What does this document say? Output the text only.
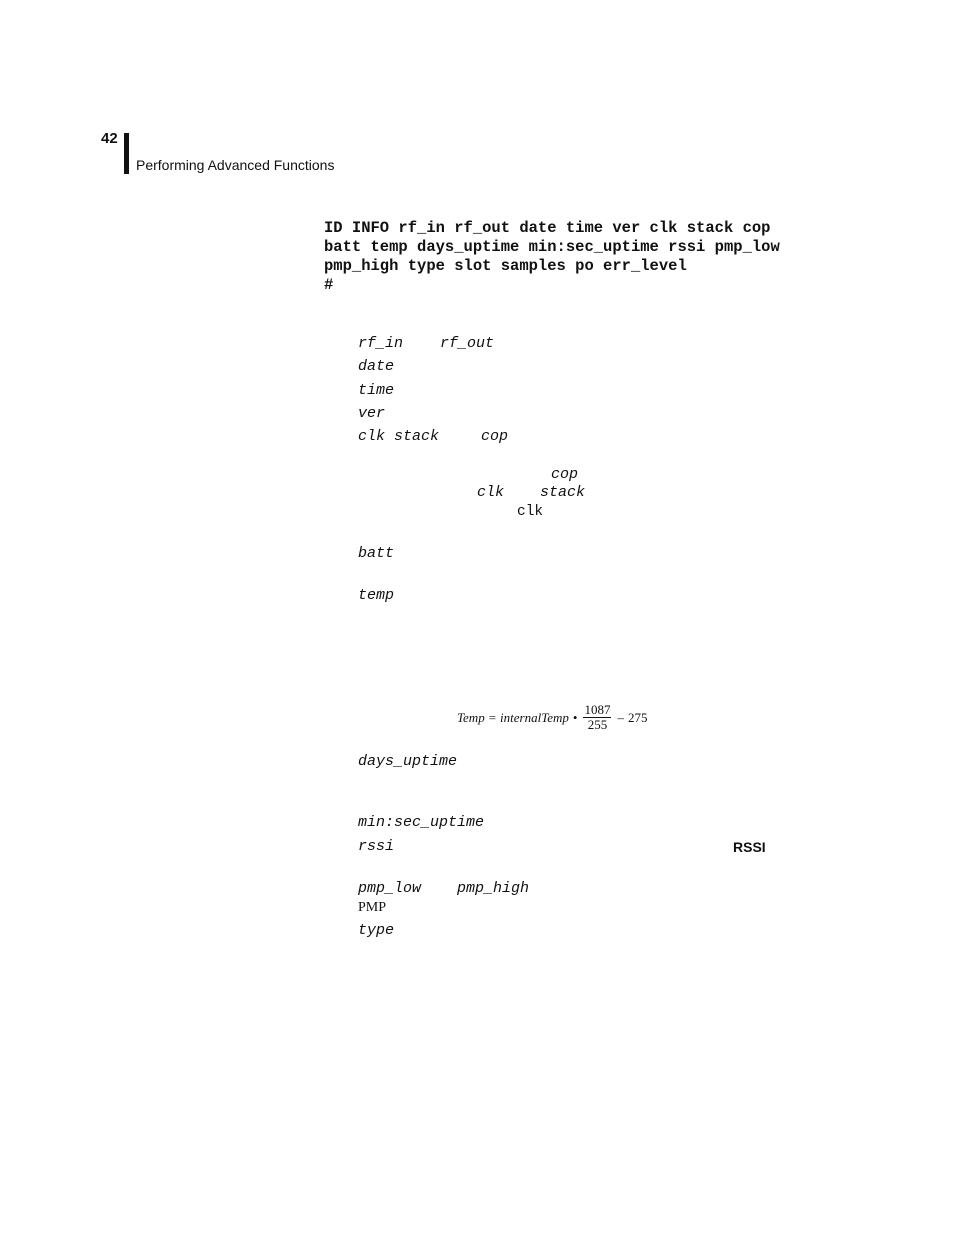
42
Performing Advanced Functions
ID INFO rf_in rf_out date time ver clk stack cop
batt temp days_uptime min:sec_uptime rssi pmp_low
pmp_high type slot samples po err_level
#
rf_in rf_out
date
time
ver
clk stack	cop
cop
clk stack
clk
batt
temp
Temp = internalTemp • $\frac{1087}{255} - 275$
days_uptime
min:sec_uptime
rssi	RSSI
pmp_low pmp_high
PMP
type
